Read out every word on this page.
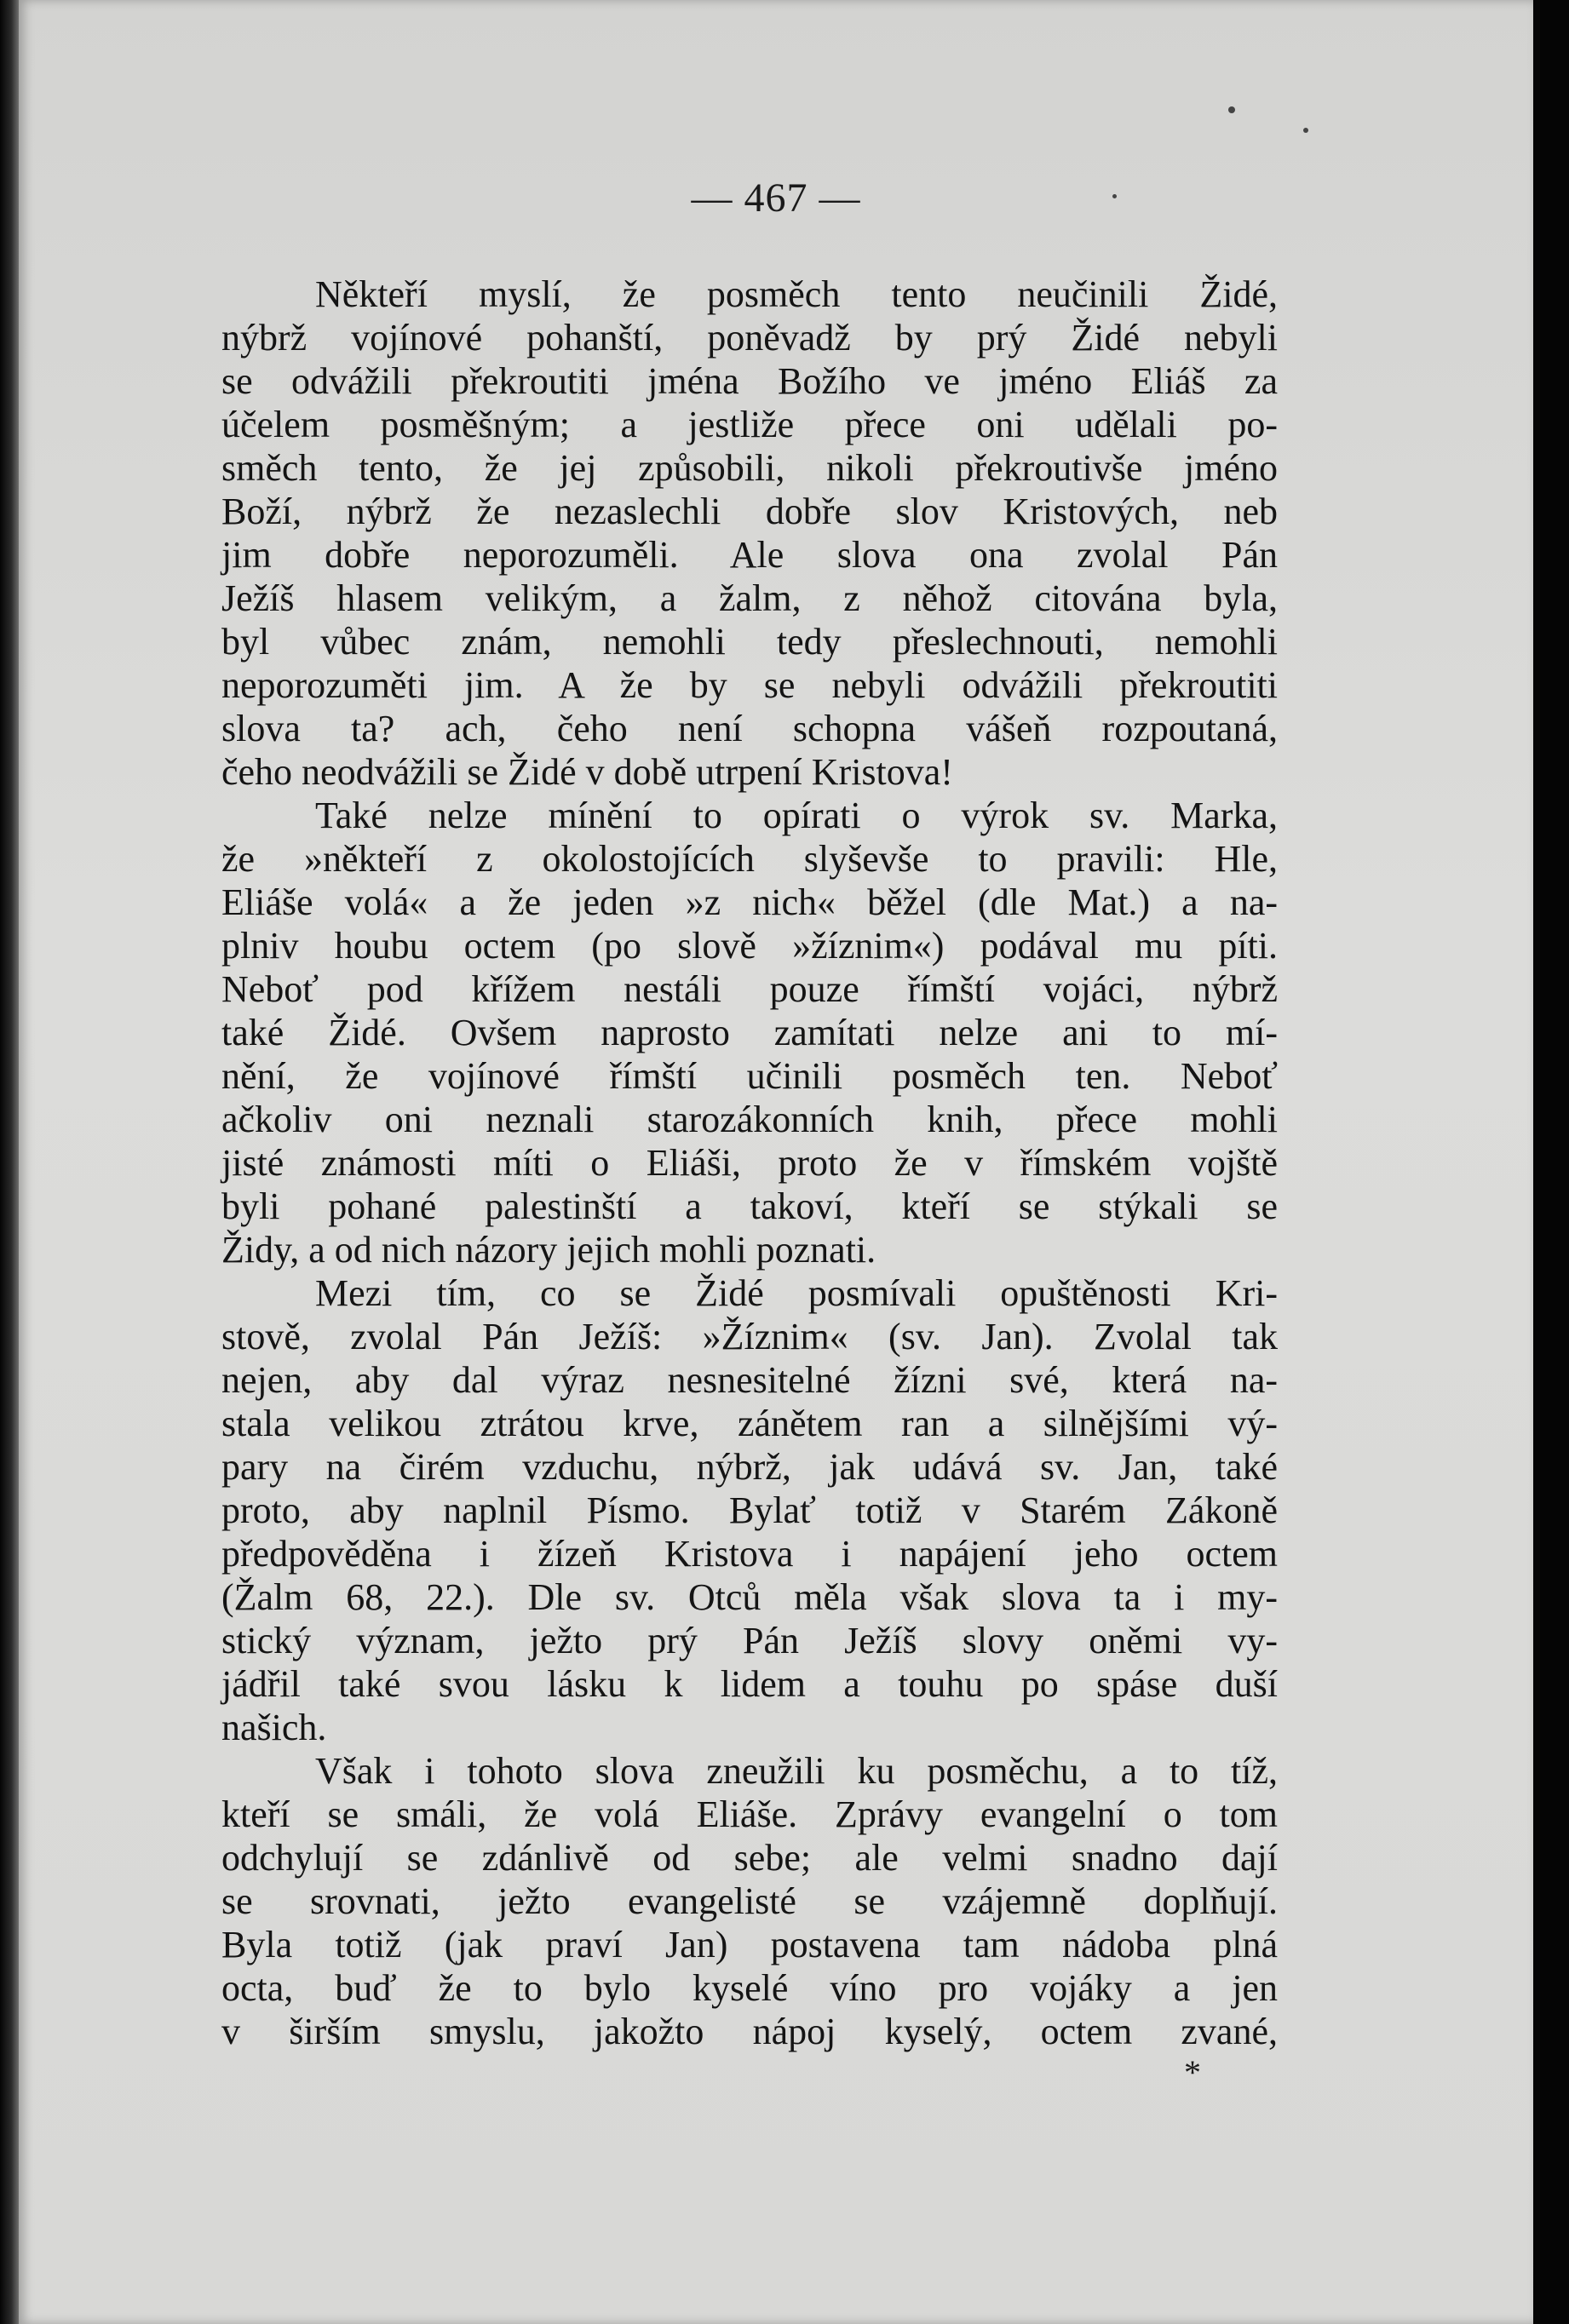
— 467 —
Někteří myslí, že posměch tento neučinili Židé,
nýbrž vojínové pohanští, poněvadž by prý Židé nebyli
se odvážili překroutiti jména Božího ve jméno Eliáš za
účelem posměšným; a jestliže přece oni udělali po-
směch tento, že jej způsobili, nikoli překroutivše jméno
Boží, nýbrž že nezaslechli dobře slov Kristových, neb
jim dobře neporozuměli. Ale slova ona zvolal Pán
Ježíš hlasem velikým, a žalm, z něhož citována byla,
byl vůbec znám, nemohli tedy přeslechnouti, nemohli
neporozuměti jim. A že by se nebyli odvážili překroutiti
slova ta? ach, čeho není schopna vášeň rozpoutaná,
čeho neodvážili se Židé v době utrpení Kristova!
Také nelze mínění to opírati o výrok sv. Marka,
že »někteří z okolostojících slyševše to pravili: Hle,
Eliáše volá« a že jeden »z nich« běžel (dle Mat.) a na-
plniv houbu octem (po slově »žíznim«) podával mu píti.
Neboť pod křížem nestáli pouze římští vojáci, nýbrž
také Židé. Ovšem naprosto zamítati nelze ani to mí-
nění, že vojínové římští učinili posměch ten. Neboť
ačkoliv oni neznali starozákonních knih, přece mohli
jisté známosti míti o Eliáši, proto že v římském vojště
byli pohané palestinští a takoví, kteří se stýkali se
Židy, a od nich názory jejich mohli poznati.
Mezi tím, co se Židé posmívali opuštěnosti Kri-
stově, zvolal Pán Ježíš: »Žíznim« (sv. Jan). Zvolal tak
nejen, aby dal výraz nesnesitelné žízni své, která na-
stala velikou ztrátou krve, zánětem ran a silnějšími vý-
pary na čirém vzduchu, nýbrž, jak udává sv. Jan, také
proto, aby naplnil Písmo. Bylať totiž v Starém Zákoně
předpověděna i žízeň Kristova i napájení jeho octem
(Žalm 68, 22.). Dle sv. Otců měla však slova ta i my-
stický význam, ježto prý Pán Ježíš slovy oněmi vy-
jádřil také svou lásku k lidem a touhu po spáse duší
našich.
Však i tohoto slova zneužili ku posměchu, a to tíž,
kteří se smáli, že volá Eliáše. Zprávy evangelní o tom
odchylují se zdánlivě od sebe; ale velmi snadno dají
se srovnati, ježto evangelisté se vzájemně doplňují.
Byla totiž (jak praví Jan) postavena tam nádoba plná
octa, buď že to bylo kyselé víno pro vojáky a jen
v širším smyslu, jakožto nápoj kyselý, octem zvané,
*
